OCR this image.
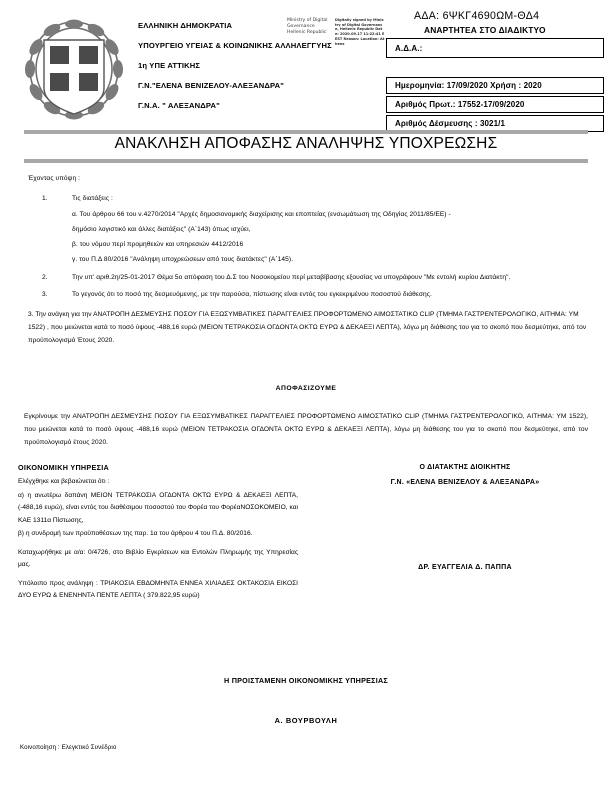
ΕΛΛΗΝΙΚΗ ΔΗΜΟΚΡΑΤΙΑ
ΥΠΟΥΡΓΕΙΟ ΥΓΕΙΑΣ & ΚΟΙΝΩΝΙΚΗΣ ΑΛΛΗΛΕΓΓΥΗΣ
1η ΥΠΕ ΑΤΤΙΚΗΣ
Γ.Ν."ΕΛΕΝΑ ΒΕΝΙΖΕΛΟΥ-ΑΛΕΞΑΝΔΡΑ"
Γ.Ν.Α. " ΑΛΕΞΑΝΔΡΑ"
Ministry of Digital
Governance
Hellenic Republic
Digitally signed by Ministry of Digital Governance, Hellenic Republic Date: 2020.09.17 11:22:41 EEST Reason: Location: Athens
ΑΔΑ: 6ΨΚΓ4690ΩΜ-ΘΔ4
ΑΝΑΡΤΗΤΕΑ ΣΤΟ ΔΙΑΔΙΚΤΥΟ
Α.Δ.Α.:
Ημερομηνία: 17/09/2020 Χρήση : 2020
Αριθμός Πρωτ.: 17552-17/09/2020
Αριθμός Δέσμευσης : 3021/1
ΑΝΑΚΛΗΣΗ ΑΠΟΦΑΣΗΣ ΑΝΑΛΗΨΗΣ ΥΠΟΧΡΕΩΣΗΣ

Έχοντας υπόψη :

1.	Τις διατάξεις :
α. Του άρθρου 66 του ν.4270/2014 "Αρχές δημοσιονομικής διαχείρισης και εποπτείας (ενσωμάτωση της Οδηγίας 2011/85/ΕΕ) -
δημόσιο λογιστικό και άλλες διατάξεις" (Α΄143) όπως ισχύει,
β. του νόμου περί προμηθειών και υπηρεσιών 4412/2016
γ. του Π.Δ 80/2016 "Ανάληψη υποχρεώσεων από τους διατάκτες" (Α΄145).
2.	Την υπ' αριθ.2η/25-01-2017 Θέμα 5ο απόφαση του Δ.Σ του Νοσοκομείου περί μεταβίβασης εξουσίας να υπογράφουν "Με εντολή κυρίου Διατάκτη".
3.	Το γεγονός ότι το ποσό της δεσμευόμενης, με την παρούσα, πίστωσης είναι εντός του εγκεκριμένου ποσοστού διάθεσης.

3. Την ανάγκη για την ΑΝΑΤΡΟΠΗ ΔΕΣΜΕΥΣΗΣ ΠΟΣΟΥ ΓΙΑ ΕΞΩΣΥΜΒΑΤΙΚΕΣ ΠΑΡΑΓΓΕΛΙΕΣ ΠΡΟΦΟΡΤΩΜΕΝΟ ΑΙΜΟΣΤΑΤΙΚΟ CLIP (ΤΜΗΜΑ ΓΑΣΤΡΕΝΤΕΡΟΛΟΓΙΚΟ, ΑΙΤΗΜΑ: ΥΜ 1522) , που μειώνεται κατά το ποσό ύψους -488,16 ευρώ (ΜΕΙΟΝ ΤΕΤΡΑΚΟΣΙΑ ΟΓΔΟΝΤΑ ΟΚΤΩ ΕΥΡΩ & ΔΕΚΑΕΞΙ ΛΕΠΤΑ), λόγω μη διάθεσης του για το σκοπό που δεσμεύτηκε, από τον προϋπολογισμό Έτους 2020.

ΑΠΟΦΑΣΙΖΟΥΜΕ
Εγκρίνουμε την ΑΝΑΤΡΟΠΗ ΔΕΣΜΕΥΣΗΣ ΠΟΣΟΥ ΓΙΑ ΕΞΩΣΥΜΒΑΤΙΚΕΣ ΠΑΡΑΓΓΕΛΙΕΣ ΠΡΟΦΟΡΤΩΜΕΝΟ ΑΙΜΟΣΤΑΤΙΚΟ CLIP (ΤΜΗΜΑ ΓΑΣΤΡΕΝΤΕΡΟΛΟΓΙΚΟ, ΑΙΤΗΜΑ: ΥΜ 1522), που μειώνεται κατά το ποσό ύψους -488,16 ευρώ (ΜΕΙΟΝ ΤΕΤΡΑΚΟΣΙΑ ΟΓΔΟΝΤΑ ΟΚΤΩ ΕΥΡΩ & ΔΕΚΑΕΞΙ ΛΕΠΤΑ), λόγω μη διάθεσης του για το σκοπό που δεσμεύτηκε, από τον προϋπολογισμό έτους 2020.
ΟΙΚΟΝΟΜΙΚΗ ΥΠΗΡΕΣΙΑ

Ελέγχθηκε και βεβαιώνεται ότι :

α) η ανωτέρω δαπάνη ΜΕΙΟΝ ΤΕΤΡΑΚΟΣΙΑ ΟΓΔΟΝΤΑ ΟΚΤΩ ΕΥΡΩ & ΔΕΚΑΕΞΙ ΛΕΠΤΑ,(-488,16 ευρώ), είναι εντός του διαθέσιμου ποσοστού του Φορέα του ΦορέαΝΟΣΟΚΟΜΕΙΟ, και ΚΑΕ 1311α Πίστωσης,

β) η συνδρομή των προϋποθέσεων της παρ. 1α του άρθρου 4 του Π.Δ. 80/2016.

Καταχωρήθηκε με α/α: 0/4726, στο Βιβλίο Εγκρίσεων και Εντολών Πληρωμής της Υπηρεσίας μας.

Υπόλοιπο προς ανάληψη : ΤΡΙΑΚΟΣΙΑ ΕΒΔΟΜΗΝΤΑ ΕΝΝΕΑ ΧΙΛΙΑΔΕΣ ΟΚΤΑΚΟΣΙΑ ΕΙΚΟΣΙ ΔΥΟ ΕΥΡΩ & ΕΝΕΝΗΝΤΑ ΠΕΝΤΕ ΛΕΠΤΑ ( 379.822,95 ευρώ)

Ο ΔΙΑΤΑΚΤΗΣ ΔΙΟΙΚΗΤΗΣ
Γ.Ν. «ΕΛΕΝΑ ΒΕΝΙΖΕΛΟΥ & ΑΛΕΞΑΝΔΡΑ»
ΔΡ. ΕΥΑΓΓΕΛΙΑ Δ. ΠΑΠΠΑ
Η ΠΡΟΙΣΤΑΜΕΝΗ ΟΙΚΟΝΟΜΙΚΗΣ ΥΠΗΡΕΣΙΑΣ
Α. ΒΟΥΡΒΟΥΛΗ
Κοινοποίηση : Ελεγκτικό Συνέδριο
